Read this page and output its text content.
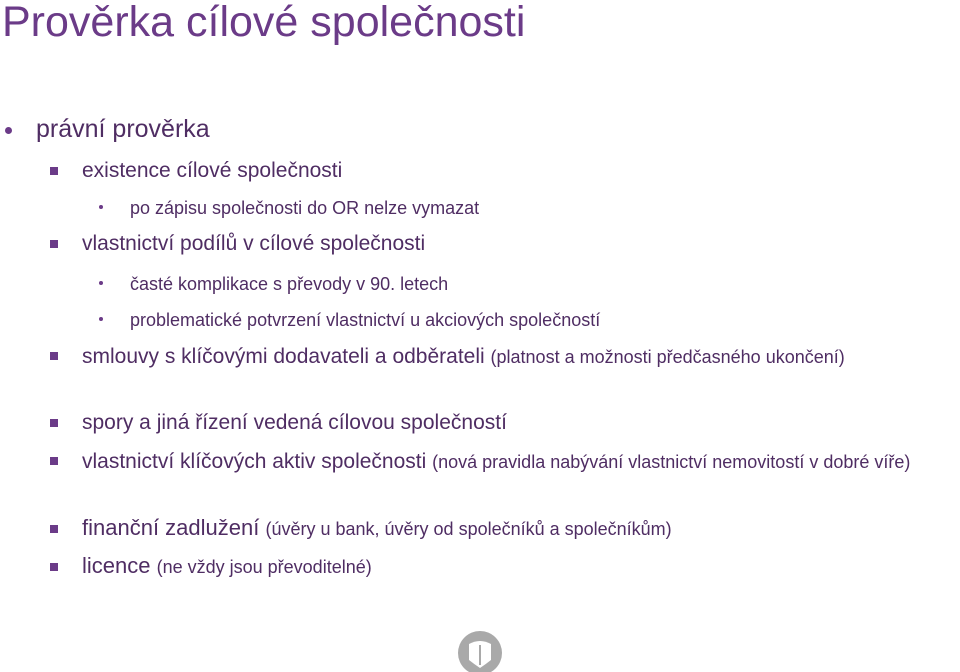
Prověrka cílové společnosti
právní prověrka
existence cílové společnosti
po zápisu společnosti do OR nelze vymazat
vlastnictví podílů v cílové společnosti
časté komplikace s převody v 90. letech
problematické potvrzení vlastnictví u akciových společností
smlouvy s klíčovými dodavateli a odběrateli (platnost a možnosti předčasného ukončení)
spory a jiná řízení vedená cílovou společností
vlastnictví klíčových aktiv společnosti (nová pravidla nabývání vlastnictví nemovitostí v dobré víře)
finanční zadlužení (úvěry u bank, úvěry od společníků a společníkům)
licence (ne vždy jsou převoditelné)
